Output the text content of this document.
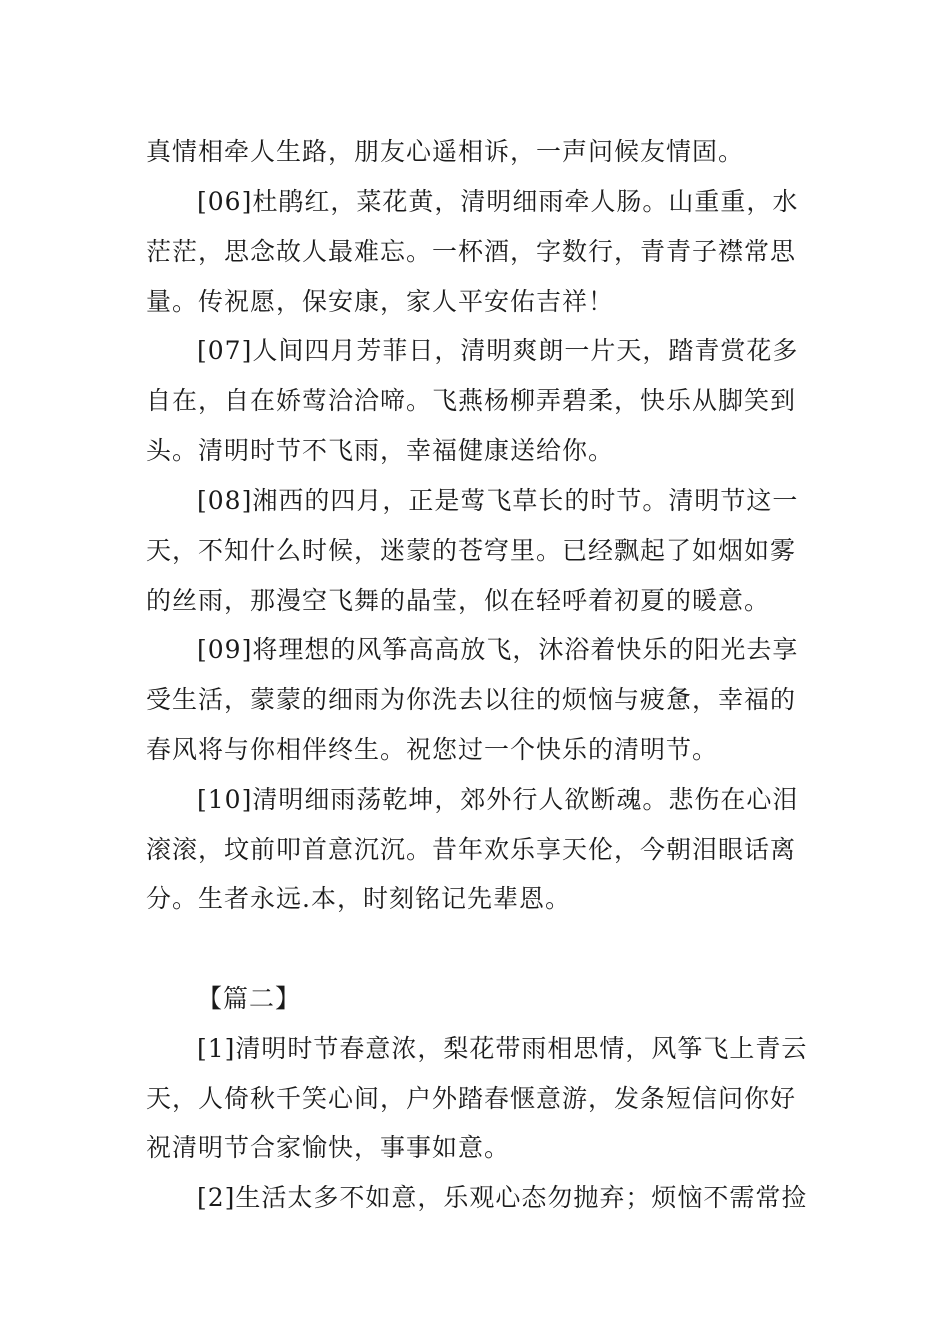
真情相牵人生路，朋友心遥相诉，一声问候友情固。
[06]杜鹃红，菜花黄，清明细雨牵人肠。山重重，水
茫茫，思念故人最难忘。一杯酒，字数行，青青子襟常思
量。传祝愿，保安康，家人平安佑吉祥！
[07]人间四月芳菲日，清明爽朗一片天，踏青赏花多
自在，自在娇莺洽洽啼。飞燕杨柳弄碧柔，快乐从脚笑到
头。清明时节不飞雨，幸福健康送给你。
[08]湘西的四月，正是莺飞草长的时节。清明节这一
天，不知什么时候，迷蒙的苍穹里。已经飘起了如烟如雾
的丝雨，那漫空飞舞的晶莹，似在轻呼着初夏的暖意。
[09]将理想的风筝高高放飞，沐浴着快乐的阳光去享
受生活，蒙蒙的细雨为你洗去以往的烦恼与疲惫，幸福的
春风将与你相伴终生。祝您过一个快乐的清明节。
[10]清明细雨荡乾坤，郊外行人欲断魂。悲伤在心泪
滚滚，坟前叩首意沉沉。昔年欢乐享天伦，今朝泪眼话离
分。生者永远.本，时刻铭记先辈恩。
【篇二】
[1]清明时节春意浓，梨花带雨相思情，风筝飞上青云
天，人倚秋千笑心间，户外踏春惬意游，发条短信问你好
祝清明节合家愉快，事事如意。
[2]生活太多不如意，乐观心态勿抛弃；烦恼不需常捡
